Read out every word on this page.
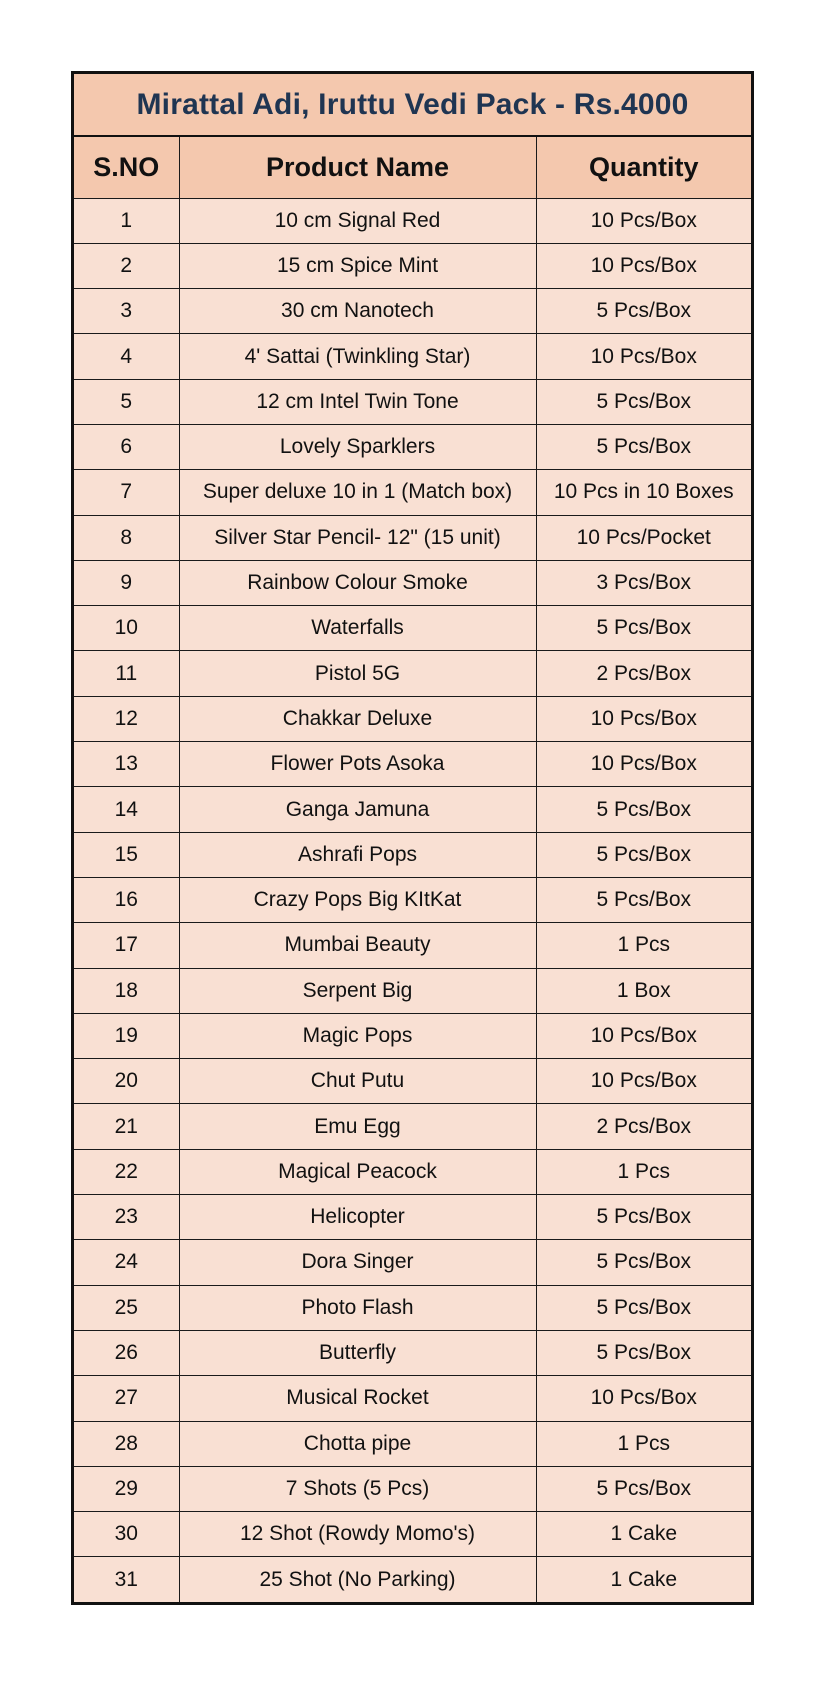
Mirattal Adi, Iruttu Vedi Pack - Rs.4000
S.NO	Product Name	Quantity
1	10 cm Signal Red	10 Pcs/Box
2	15 cm Spice Mint	10 Pcs/Box
3	30 cm Nanotech	5 Pcs/Box
4	4' Sattai (Twinkling Star)	10 Pcs/Box
5	12 cm Intel Twin Tone	5 Pcs/Box
6	Lovely Sparklers	5 Pcs/Box
7	Super deluxe 10 in 1 (Match box)	10 Pcs in 10 Boxes
8	Silver Star Pencil- 12" (15 unit)	10 Pcs/Pocket
9	Rainbow Colour Smoke	3 Pcs/Box
10	Waterfalls	5 Pcs/Box
11	Pistol 5G	2 Pcs/Box
12	Chakkar Deluxe	10 Pcs/Box
13	Flower Pots Asoka	10 Pcs/Box
14	Ganga Jamuna	5 Pcs/Box
15	Ashrafi Pops	5 Pcs/Box
16	Crazy Pops Big KItKat	5 Pcs/Box
17	Mumbai Beauty	1 Pcs
18	Serpent Big	1 Box
19	Magic Pops	10 Pcs/Box
20	Chut Putu	10 Pcs/Box
21	Emu Egg	2 Pcs/Box
22	Magical Peacock	1 Pcs
23	Helicopter	5 Pcs/Box
24	Dora Singer	5 Pcs/Box
25	Photo Flash	5 Pcs/Box
26	Butterfly	5 Pcs/Box
27	Musical Rocket	10 Pcs/Box
28	Chotta pipe	1 Pcs
29	7 Shots (5 Pcs)	5 Pcs/Box
30	12 Shot (Rowdy Momo's)	1 Cake
31	25 Shot (No Parking)	1 Cake
